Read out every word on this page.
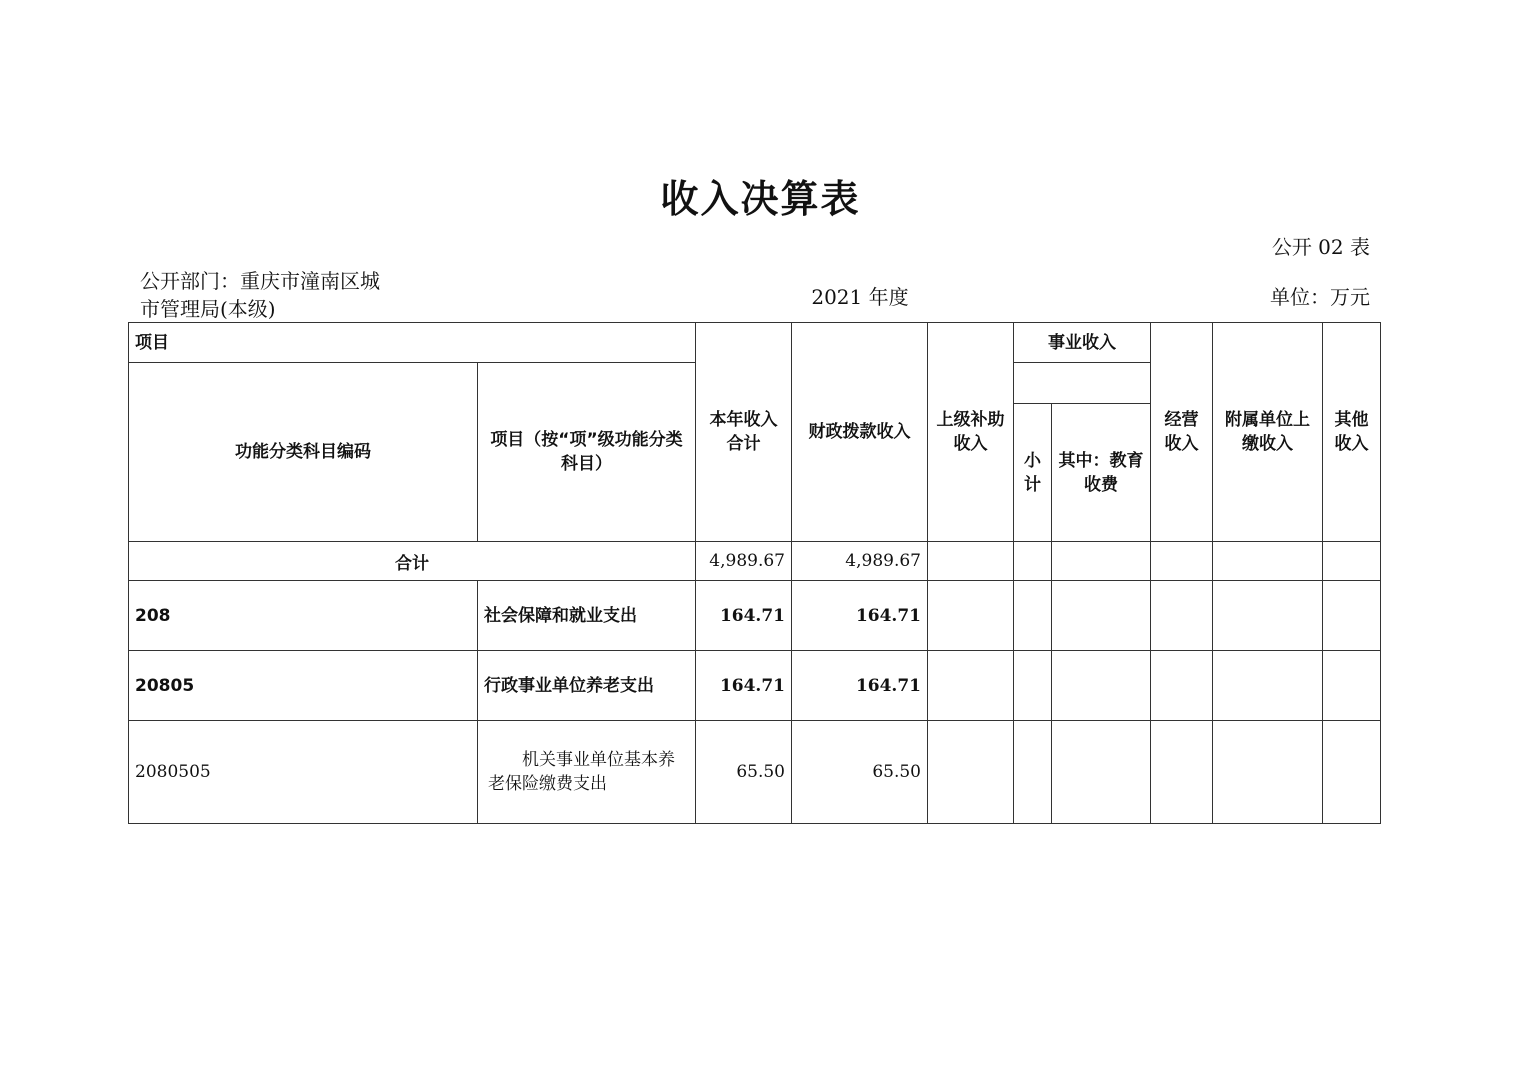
收入决算表
公开 02 表
公开部门：重庆市潼南区城
市管理局(本级)	2021 年度	单位：万元
项目		本年收入合计	财政拨款收入	上级补助收入	事业收入		经营收入	附属单位上缴收入	其他收入
功能分类科目编码	项目（按“项”级功能分类科目）								
					小计	其中：教育收费			
合计		4,989.67	4,989.67						
208	社会保障和就业支出	164.71	164.71						
20805	行政事业单位养老支出	164.71	164.71						
2080505	机关事业单位基本养老保险缴费支出	65.50	65.50						
